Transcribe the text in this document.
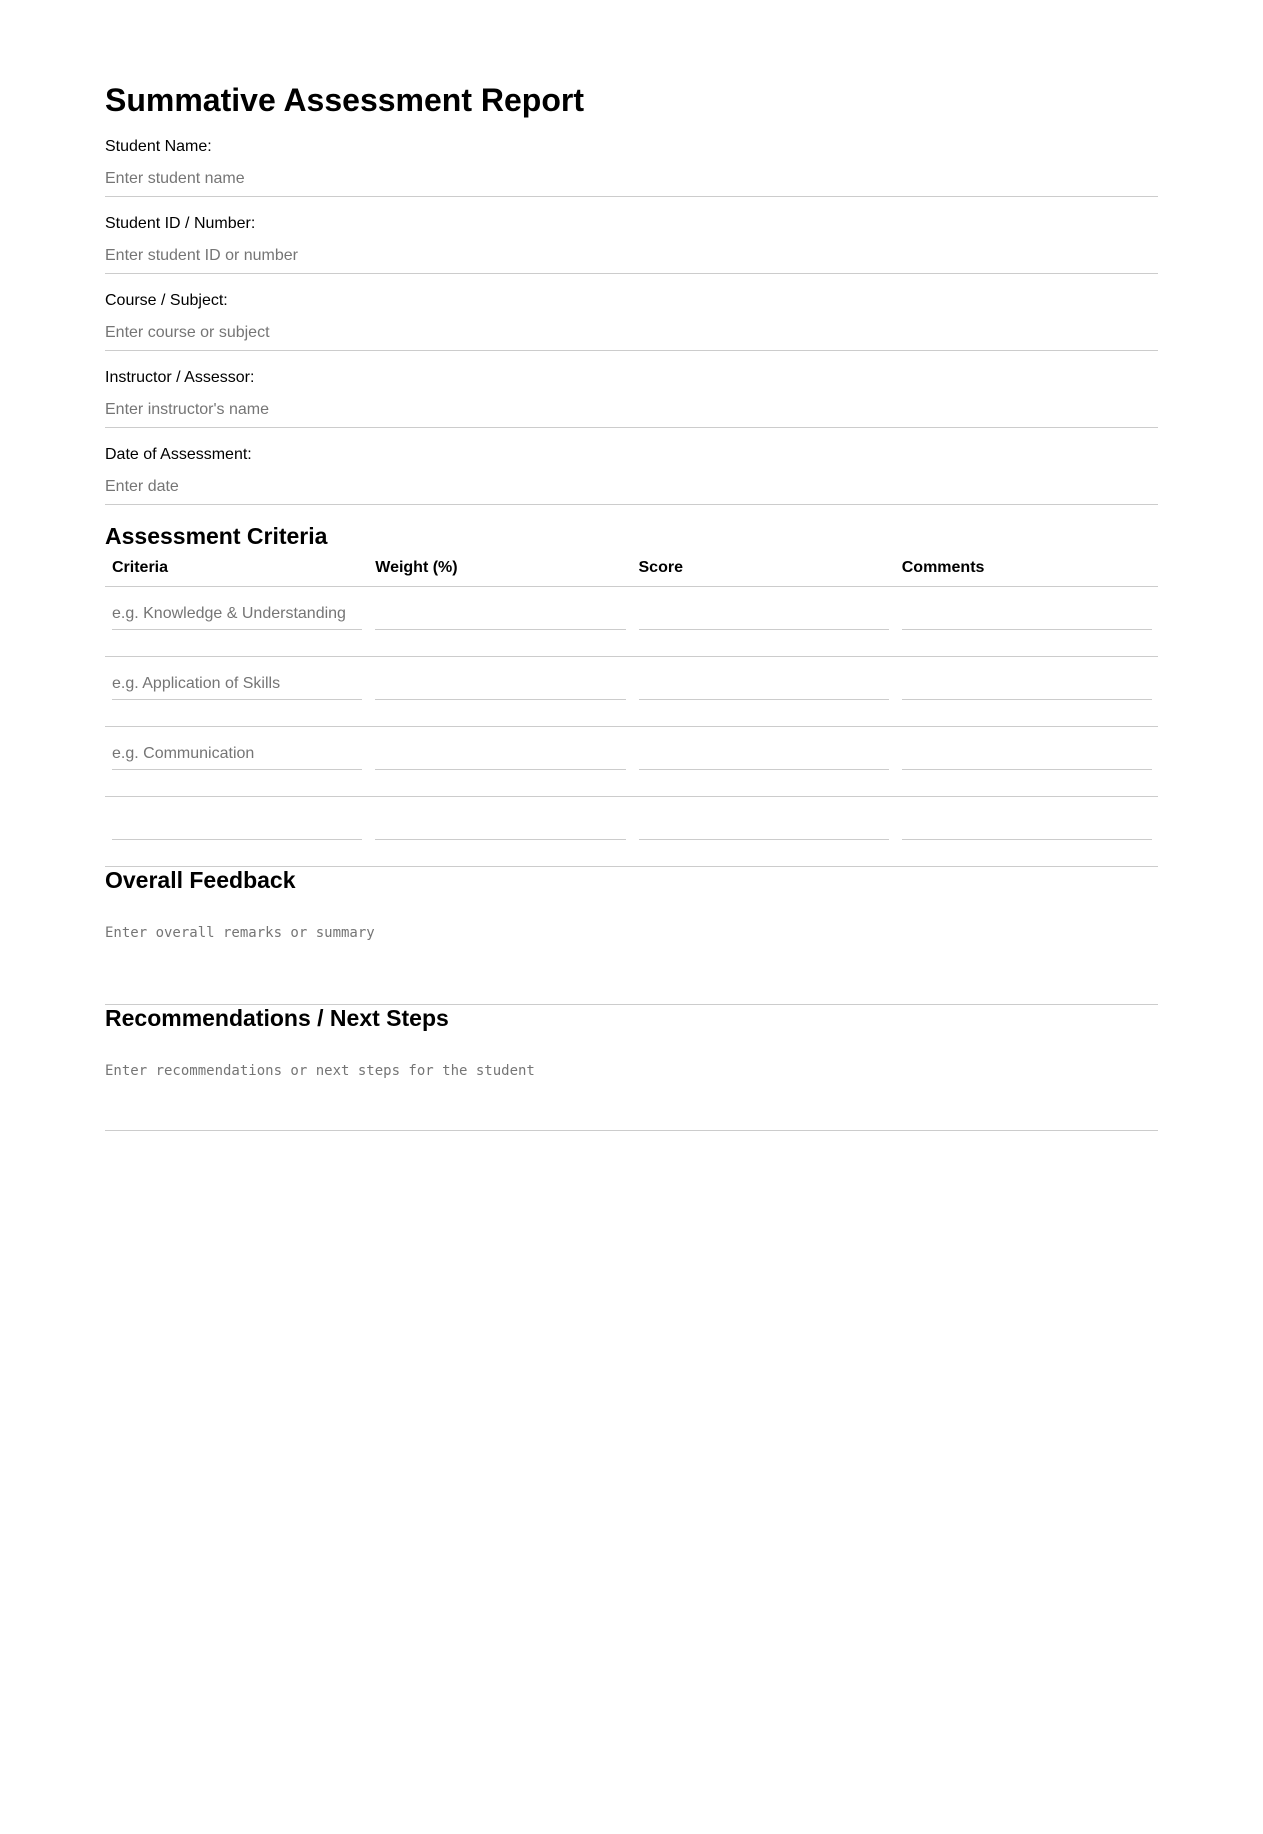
Summative Assessment Report
Student Name:
Enter student name
Student ID / Number:
Enter student ID or number
Course / Subject:
Enter course or subject
Instructor / Assessor:
Enter instructor's name
Date of Assessment:
Enter date
Assessment Criteria
Criteria	Weight (%)	Score	Comments

e.g. Knowledge & Understanding	

e.g. Application of Skills	

e.g. Communication	

Overall Feedback
Enter overall remarks or summary
Recommendations / Next Steps
Enter recommendations or next steps for the student
